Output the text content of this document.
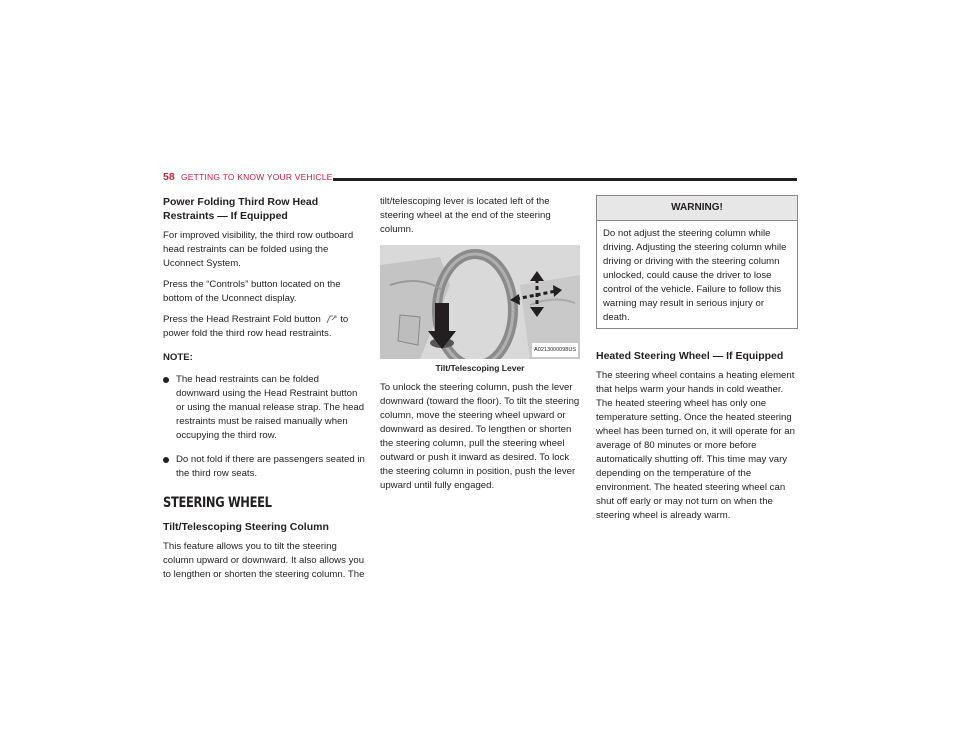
58 GETTING TO KNOW YOUR VEHICLE
Power Folding Third Row Head Restraints — If Equipped

For improved visibility, the third row outboard head restraints can be folded using the Uconnect System.

Press the “Controls” button located on the bottom of the Uconnect display.

Press the Head Restraint Fold button to power fold the third row head restraints.

NOTE:
The head restraints can be folded downward using the Head Restraint button or using the manual release strap. The head restraints must be raised manually when occupying the third row.
Do not fold if there are passengers seated in the third row seats.
STEERING WHEEL
Tilt/Telescoping Steering Column

This feature allows you to tilt the steering column upward or downward. It also allows you to lengthen or shorten the steering column. The

tilt/telescoping lever is located left of the steering wheel at the end of the steering column.

A0213000098US
Tilt/Telescoping Lever

To unlock the steering column, push the lever downward (toward the floor). To tilt the steering column, move the steering wheel upward or downward as desired. To lengthen or shorten the steering column, pull the steering wheel outward or push it inward as desired. To lock the steering column in position, push the lever upward until fully engaged.

WARNING!
Do not adjust the steering column while driving. Adjusting the steering column while driving or driving with the steering column unlocked, could cause the driver to lose control of the vehicle. Failure to follow this warning may result in serious injury or death.
Heated Steering Wheel — If Equipped

The steering wheel contains a heating element that helps warm your hands in cold weather. The heated steering wheel has only one temperature setting. Once the heated steering wheel has been turned on, it will operate for an average of 80 minutes or more before automatically shutting off. This time may vary depending on the temperature of the environment. The heated steering wheel can shut off early or may not turn on when the steering wheel is already warm.
